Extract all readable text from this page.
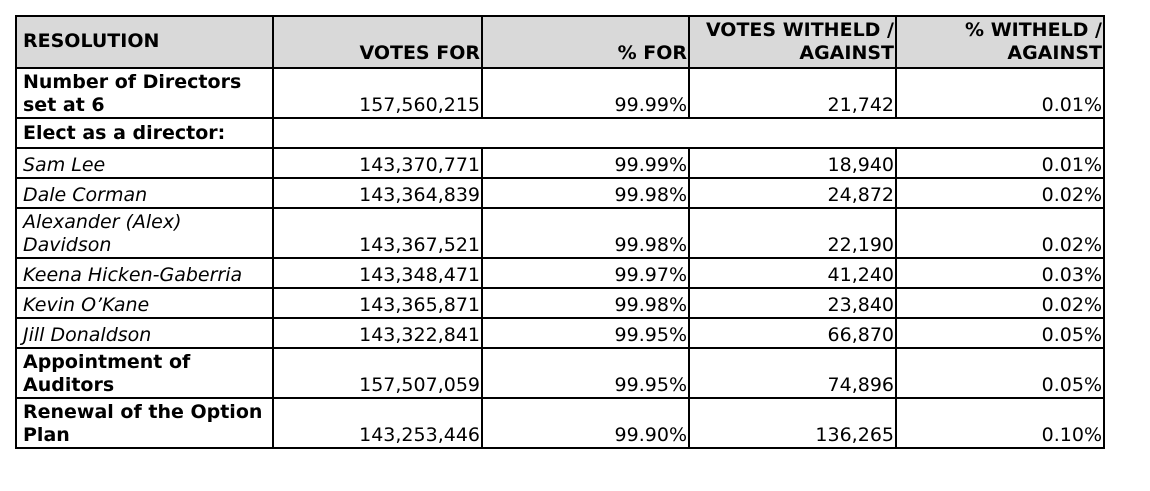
RESOLUTION	VOTES FOR	% FOR	VOTES WITHELD / AGAINST	% WITHELD / AGAINST
Number of Directors set at 6	157,560,215	99.99%	21,742	0.01%
Elect as a director:				
Sam Lee	143,370,771	99.99%	18,940	0.01%
Dale Corman	143,364,839	99.98%	24,872	0.02%
Alexander (Alex) Davidson	143,367,521	99.98%	22,190	0.02%
Keena Hicken-Gaberria	143,348,471	99.97%	41,240	0.03%
Kevin O’Kane	143,365,871	99.98%	23,840	0.02%
Jill Donaldson	143,322,841	99.95%	66,870	0.05%
Appointment of Auditors	157,507,059	99.95%	74,896	0.05%
Renewal of the Option Plan	143,253,446	99.90%	136,265	0.10%
